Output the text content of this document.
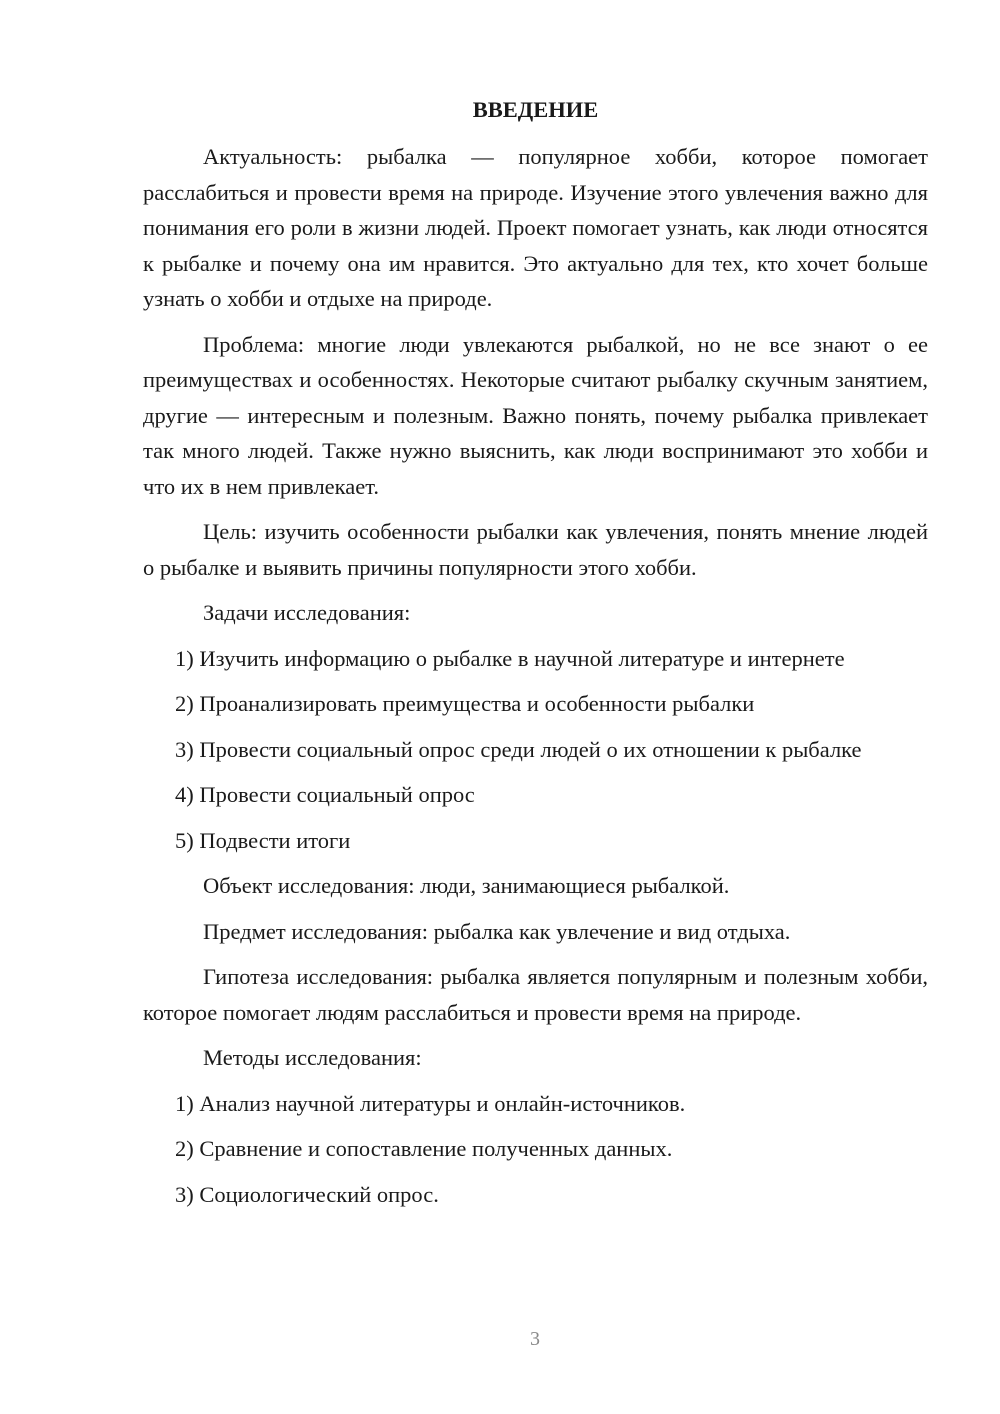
ВВЕДЕНИЕ

Актуальность: рыбалка — популярное хобби, которое помогает расслабиться и провести время на природе. Изучение этого увлечения важно для понимания его роли в жизни людей. Проект помогает узнать, как люди относятся к рыбалке и почему она им нравится. Это актуально для тех, кто хочет больше узнать о хобби и отдыхе на природе.

Проблема: многие люди увлекаются рыбалкой, но не все знают о ее преимуществах и особенностях. Некоторые считают рыбалку скучным занятием, другие — интересным и полезным. Важно понять, почему рыбалка привлекает так много людей. Также нужно выяснить, как люди воспринимают это хобби и что их в нем привлекает.

Цель: изучить особенности рыбалки как увлечения, понять мнение людей о рыбалке и выявить причины популярности этого хобби.

Задачи исследования:

1) Изучить информацию о рыбалке в научной литературе и интернете

2) Проанализировать преимущества и особенности рыбалки

3) Провести социальный опрос среди людей о их отношении к рыбалке

4) Провести социальный опрос

5) Подвести итоги

Объект исследования: люди, занимающиеся рыбалкой.

Предмет исследования: рыбалка как увлечение и вид отдыха.

Гипотеза исследования: рыбалка является популярным и полезным хобби, которое помогает людям расслабиться и провести время на природе.

Методы исследования:

1) Анализ научной литературы и онлайн-источников.

2) Сравнение и сопоставление полученных данных.

3) Социологический опрос.

3
